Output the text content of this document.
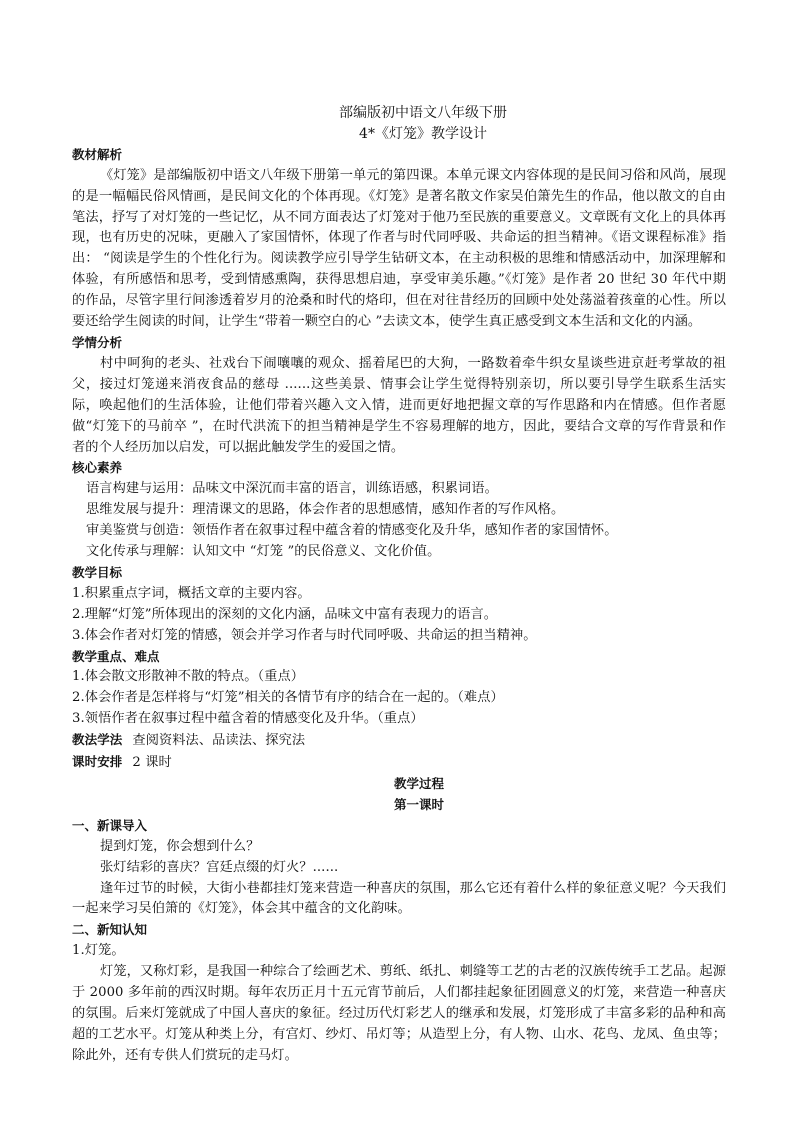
部编版初中语文八年级下册

4*《灯笼》教学设计

教材解析

《灯笼》是部编版初中语文八年级下册第一单元的第四课。本单元课文内容体现的是民间习俗和风尚，展现的是一幅幅民俗风情画，是民间文化的个体再现。《灯笼》是著名散文作家吴伯箫先生的作品，他以散文的自由笔法，抒写了对灯笼的一些记忆，从不同方面表达了灯笼对于他乃至民族的重要意义。文章既有文化上的具体再现，也有历史的况味，更融入了家国情怀，体现了作者与时代同呼吸、共命运的担当精神。《语文课程标准》指出： “阅读是学生的个性化行为。阅读教学应引导学生钻研文本，在主动积极的思维和情感活动中，加深理解和体验，有所感悟和思考，受到情感熏陶，获得思想启迪，享受审美乐趣。”《灯笼》是作者 20 世纪 30 年代中期的作品，尽管字里行间渗透着岁月的沧桑和时代的烙印，但在对往昔经历的回顾中处处荡溢着孩童的心性。所以要还给学生阅读的时间，让学生“带着一颗空白的心 ”去读文本，使学生真正感受到文本生活和文化的内涵。

学情分析

村中呵狗的老头、社戏台下闹嚷嚷的观众、摇着尾巴的大狗，一路数着牵牛织女星谈些进京赶考掌故的祖父，接过灯笼递来消夜食品的慈母 ......这些美景、情事会让学生觉得特别亲切，所以要引导学生联系生活实际，唤起他们的生活体验，让他们带着兴趣入文入情，进而更好地把握文章的写作思路和内在情感。但作者愿做“灯笼下的马前卒 ”，在时代洪流下的担当精神是学生不容易理解的地方，因此，要结合文章的写作背景和作者的个人经历加以启发，可以据此触发学生的爱国之情。

核心素养

语言构建与运用：品味文中深沉而丰富的语言，训练语感，积累词语。

思维发展与提升：理清课文的思路，体会作者的思想感情，感知作者的写作风格。

审美鉴赏与创造：领悟作者在叙事过程中蕴含着的情感变化及升华，感知作者的家国情怀。

文化传承与理解：认知文中 “灯笼 ”的民俗意义、文化价值。

教学目标

1.积累重点字词，概括文章的主要内容。

2.理解“灯笼”所体现出的深刻的文化内涵，品味文中富有表现力的语言。

3.体会作者对灯笼的情感，领会并学习作者与时代同呼吸、共命运的担当精神。

教学重点、难点

1.体会散文形散神不散的特点。（重点）

2.体会作者是怎样将与“灯笼”相关的各情节有序的结合在一起的。（难点）

3.领悟作者在叙事过程中蕴含着的情感变化及升华。（重点）

教法学法 查阅资料法、品读法、探究法

课时安排 2 课时

教学过程

第一课时

一、新课导入

提到灯笼，你会想到什么？

张灯结彩的喜庆？宫廷点缀的灯火？......

逢年过节的时候，大街小巷都挂灯笼来营造一种喜庆的氛围，那么它还有着什么样的象征意义呢？今天我们一起来学习吴伯箫的《灯笼》，体会其中蕴含的文化韵味。

二、新知认知

1.灯笼。

灯笼，又称灯彩，是我国一种综合了绘画艺术、剪纸、纸扎、刺缝等工艺的古老的汉族传统手工艺品。起源于 2000 多年前的西汉时期。每年农历正月十五元宵节前后，人们都挂起象征团圆意义的灯笼，来营造一种喜庆的氛围。后来灯笼就成了中国人喜庆的象征。经过历代灯彩艺人的继承和发展，灯笼形成了丰富多彩的品种和高超的工艺水平。灯笼从种类上分，有宫灯、纱灯、吊灯等；从造型上分，有人物、山水、花鸟、龙凤、鱼虫等；除此外，还有专供人们赏玩的走马灯。
